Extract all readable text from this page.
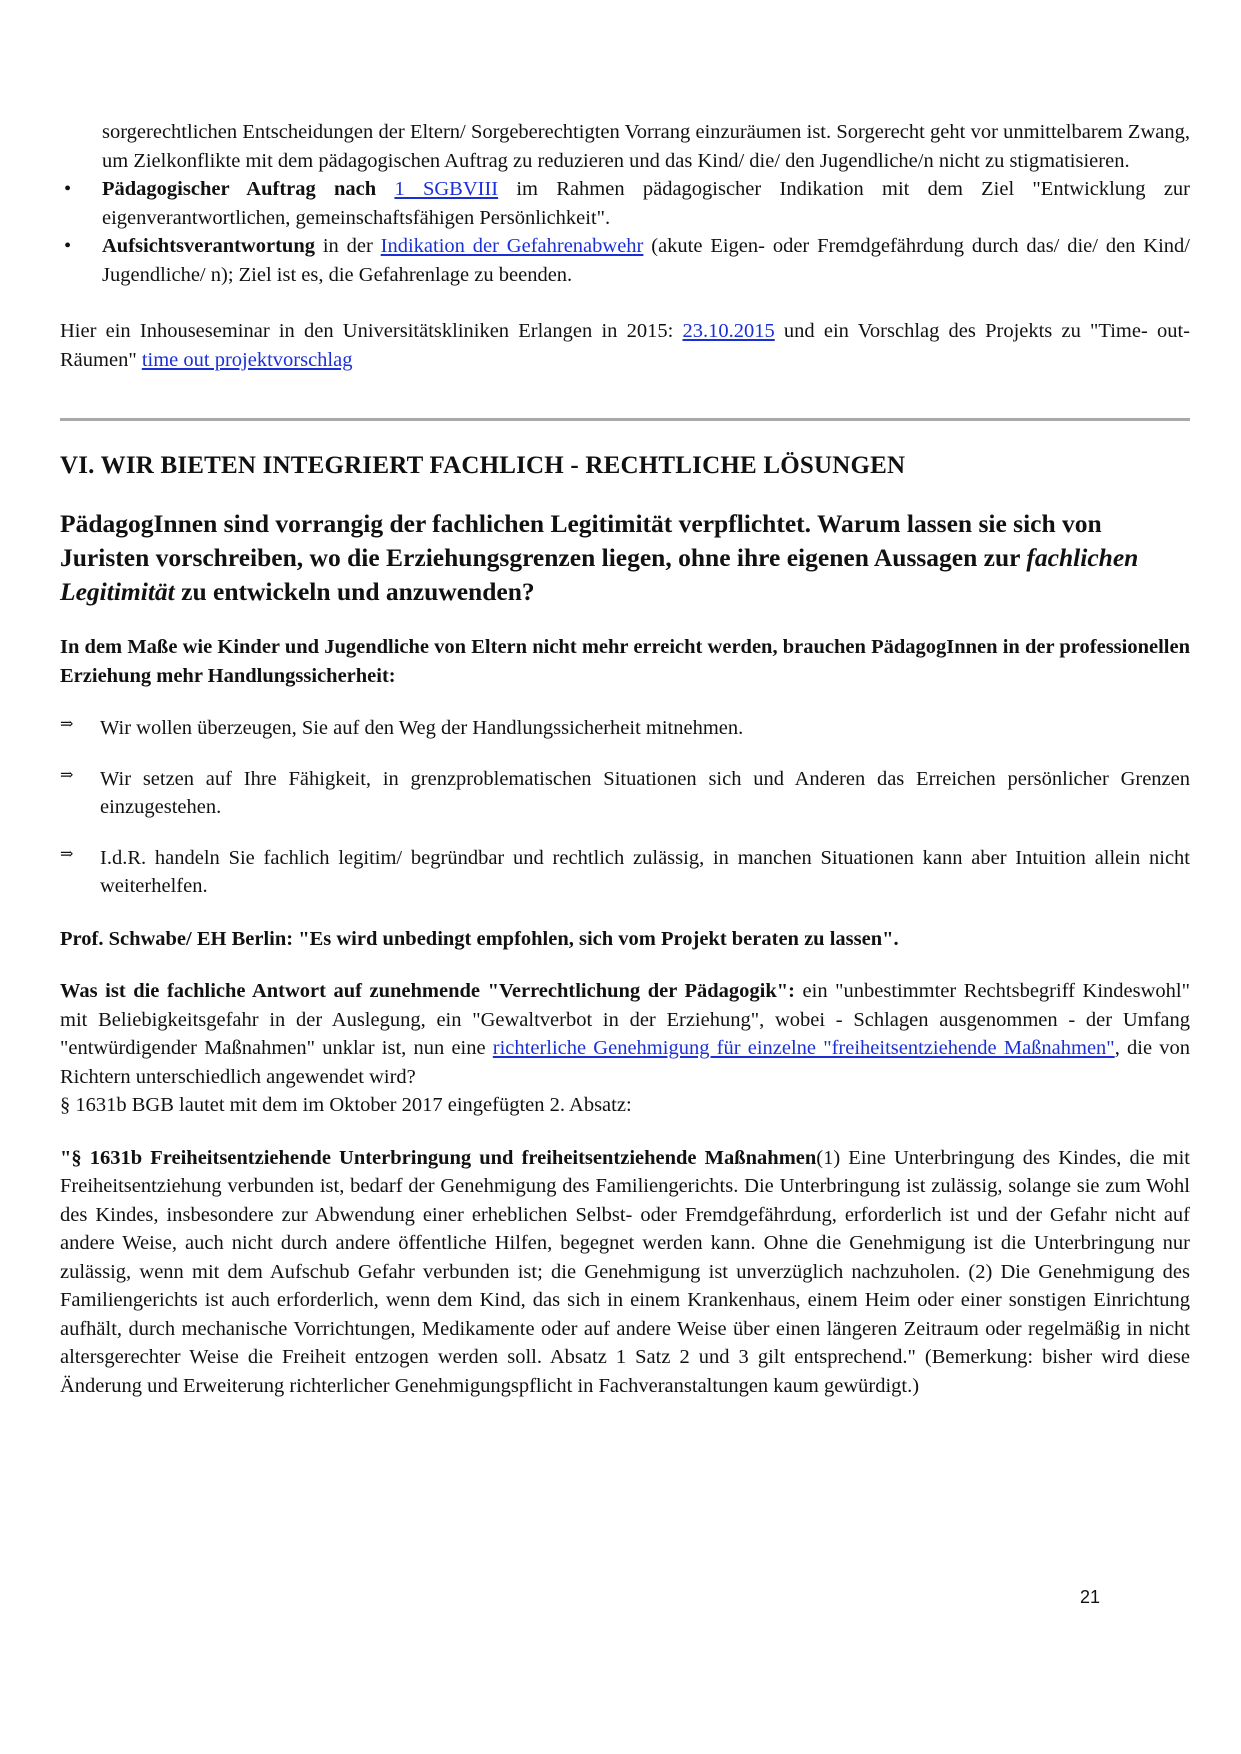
sorgerechtlichen Entscheidungen der Eltern/ Sorgeberechtigten Vorrang einzuräumen ist. Sorgerecht geht vor unmittelbarem Zwang, um Zielkonflikte mit dem pädagogischen Auftrag zu reduzieren und das Kind/ die/ den Jugendliche/n nicht zu stigmatisieren.

• Pädagogischer Auftrag nach 1 SGBVIII im Rahmen pädagogischer Indikation mit dem Ziel "Entwicklung zur eigenverantwortlichen, gemeinschaftsfähigen Persönlichkeit".
• Aufsichtsverantwortung in der Indikation der Gefahrenabwehr (akute Eigen- oder Fremdgefährdung durch das/ die/ den Kind/ Jugendliche/ n); Ziel ist es, die Gefahrenlage zu beenden.

Hier ein Inhouseseminar in den Universitätskliniken Erlangen in 2015: 23.10.2015 und ein Vorschlag des Projekts zu "Time- out- Räumen" time out projektvorschlag

VI. WIR BIETEN INTEGRIERT FACHLICH - RECHTLICHE LÖSUNGEN

PädagogInnen sind vorrangig der fachlichen Legitimität verpflichtet. Warum lassen sie sich von Juristen vorschreiben, wo die Erziehungsgrenzen liegen, ohne ihre eigenen Aussagen zur fachlichen Legitimität zu entwickeln und anzuwenden?

In dem Maße wie Kinder und Jugendliche von Eltern nicht mehr erreicht werden, brauchen PädagogInnen in der professionellen Erziehung mehr Handlungssicherheit:

⇒ Wir wollen überzeugen, Sie auf den Weg der Handlungssicherheit mitnehmen.

⇒ Wir setzen auf Ihre Fähigkeit, in grenzproblematischen Situationen sich und Anderen das Erreichen persönlicher Grenzen einzugestehen.

⇒ I.d.R. handeln Sie fachlich legitim/ begründbar und rechtlich zulässig, in manchen Situationen kann aber Intuition allein nicht weiterhelfen.

Prof. Schwabe/ EH Berlin: "Es wird unbedingt empfohlen, sich vom Projekt beraten zu lassen".

Was ist die fachliche Antwort auf zunehmende "Verrechtlichung der Pädagogik": ein "unbestimmter Rechtsbegriff Kindeswohl" mit Beliebigkeitsgefahr in der Auslegung, ein "Gewaltverbot in der Erziehung", wobei - Schlagen ausgenommen - der Umfang "entwürdigender Maßnahmen" unklar ist, nun eine richterliche Genehmigung für einzelne "freiheitsentziehende Maßnahmen", die von Richtern unterschiedlich angewendet wird?

§ 1631b BGB lautet mit dem im Oktober 2017 eingefügten 2. Absatz:

"§ 1631b Freiheitsentziehende Unterbringung und freiheitsentziehende Maßnahmen(1) Eine Unterbringung des Kindes, die mit Freiheitsentziehung verbunden ist, bedarf der Genehmigung des Familiengerichts. Die Unterbringung ist zulässig, solange sie zum Wohl des Kindes, insbesondere zur Abwendung einer erheblichen Selbst- oder Fremdgefährdung, erforderlich ist und der Gefahr nicht auf andere Weise, auch nicht durch andere öffentliche Hilfen, begegnet werden kann. Ohne die Genehmigung ist die Unterbringung nur zulässig, wenn mit dem Aufschub Gefahr verbunden ist; die Genehmigung ist unverzüglich nachzuholen. (2) Die Genehmigung des Familiengerichts ist auch erforderlich, wenn dem Kind, das sich in einem Krankenhaus, einem Heim oder einer sonstigen Einrichtung aufhält, durch mechanische Vorrichtungen, Medikamente oder auf andere Weise über einen längeren Zeitraum oder regelmäßig in nicht altersgerechter Weise die Freiheit entzogen werden soll. Absatz 1 Satz 2 und 3 gilt entsprechend." (Bemerkung: bisher wird diese Änderung und Erweiterung richterlicher Genehmigungspflicht in Fachveranstaltungen kaum gewürdigt.)

21
